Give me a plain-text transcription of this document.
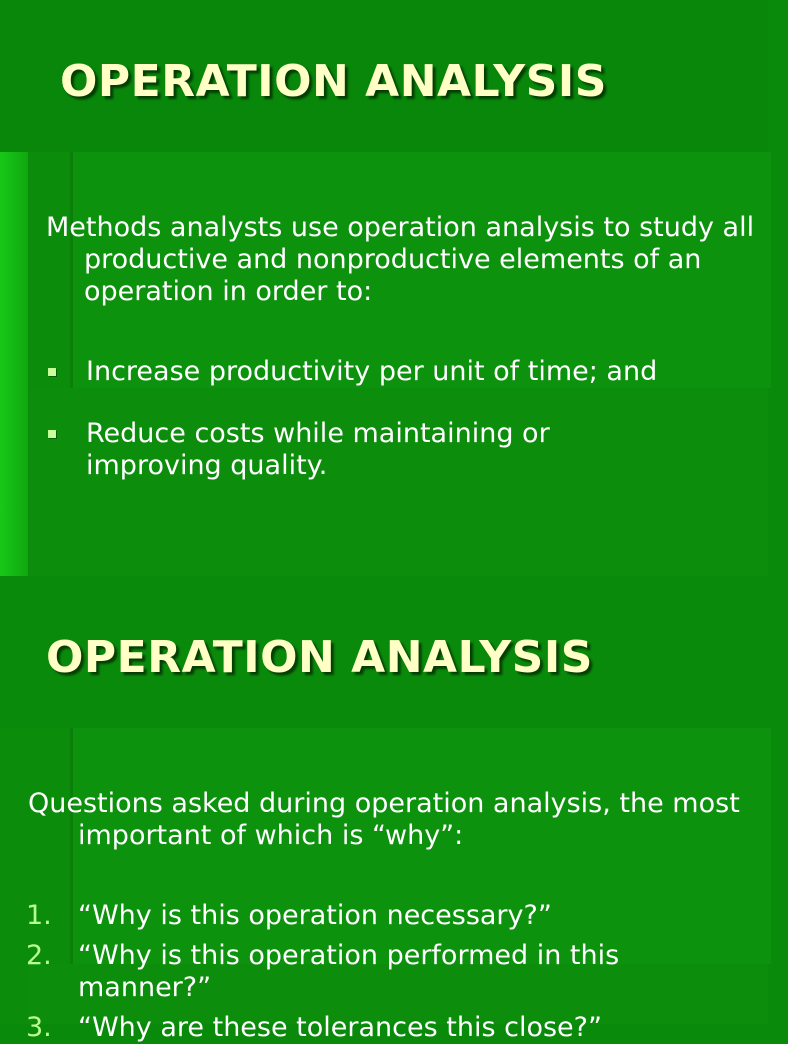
OPERATION ANALYSIS

Methods analysts use operation analysis to study all productive and nonproductive elements of an operation in order to:

Increase productivity per unit of time; and
Reduce costs while maintaining or improving quality.
OPERATION ANALYSIS

Questions asked during operation analysis, the most important of which is “why”:

1. “Why is this operation necessary?”
2. “Why is this operation performed in this manner?”
3. “Why are these tolerances this close?”
